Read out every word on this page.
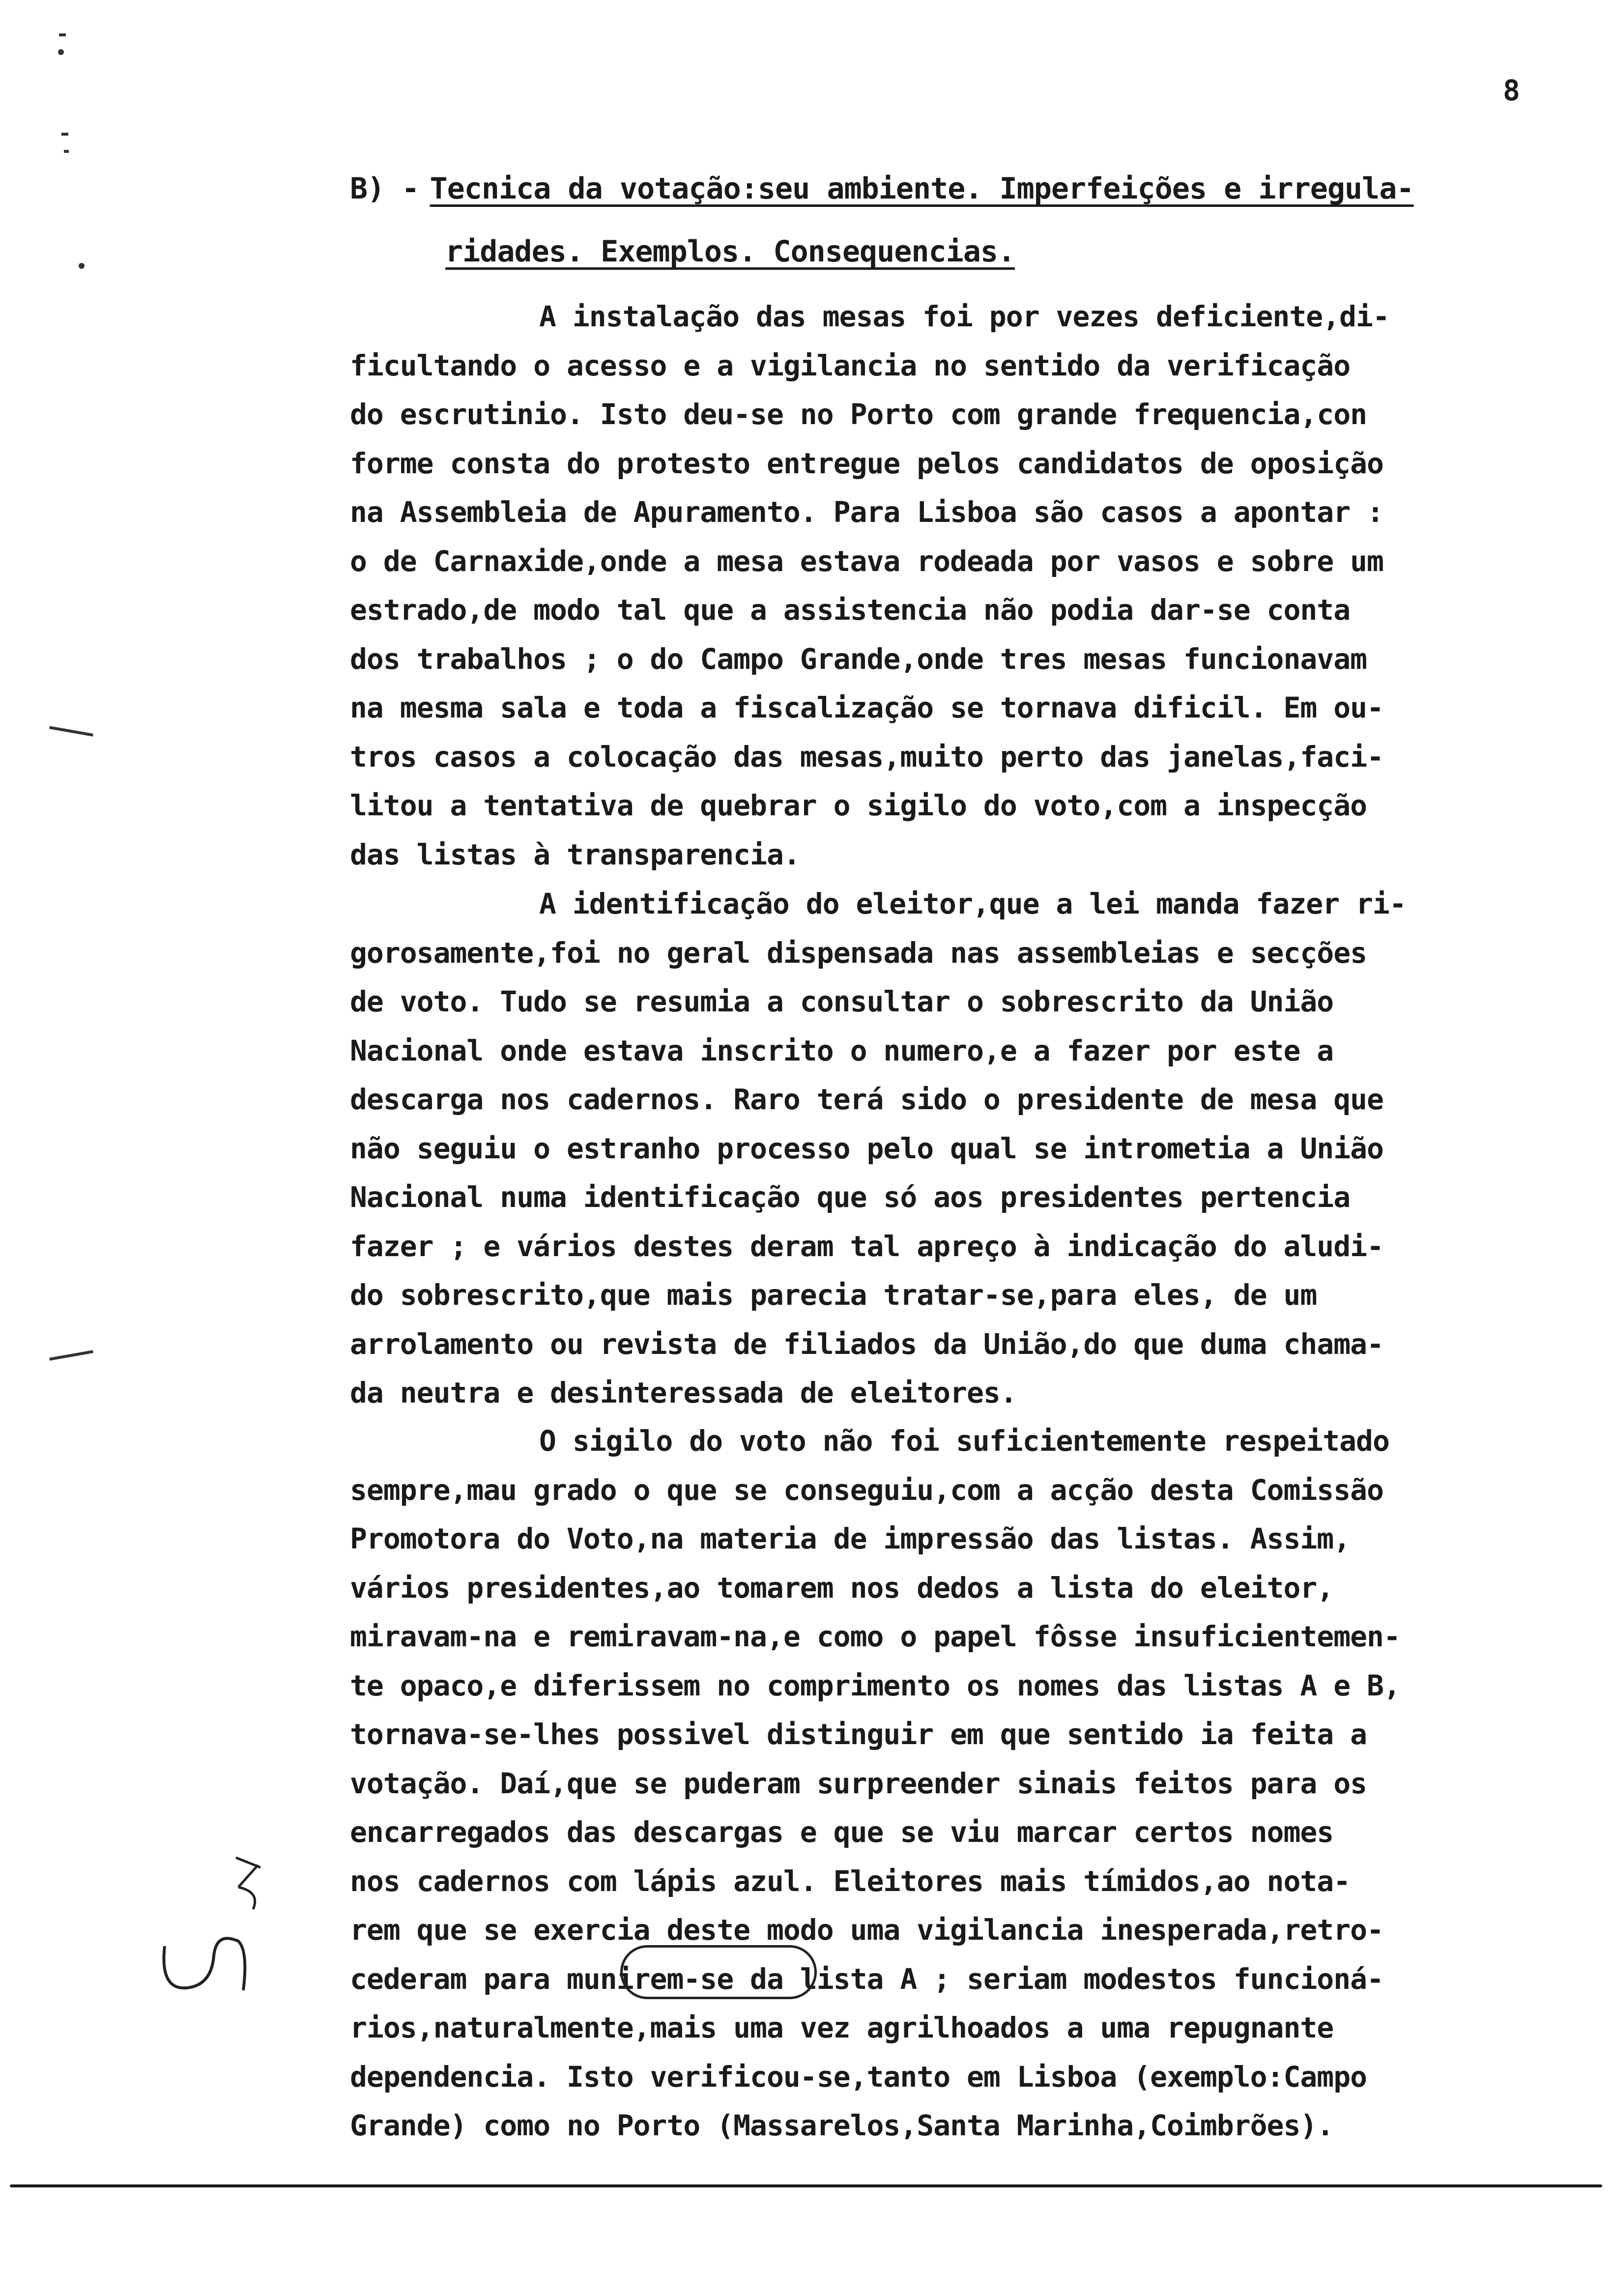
8
B) - Tecnica da votação:seu ambiente. Imperfeições e irregula-
ridades. Exemplos. Consequencias.
A instalação das mesas foi por vezes deficiente,di-
ficultando o acesso e a vigilancia no sentido da verificação
do escrutinio. Isto deu-se no Porto com grande frequencia,con
forme consta do protesto entregue pelos candidatos de oposição
na Assembleia de Apuramento. Para Lisboa são casos a apontar :
o de Carnaxide,onde a mesa estava rodeada por vasos e sobre um
estrado,de modo tal que a assistencia não podia dar-se conta
dos trabalhos ; o do Campo Grande,onde tres mesas funcionavam
na mesma sala e toda a fiscalização se tornava dificil. Em ou-
tros casos a colocação das mesas,muito perto das janelas,faci-
litou a tentativa de quebrar o sigilo do voto,com a inspecção
das listas à transparencia.
A identificação do eleitor,que a lei manda fazer ri-
gorosamente,foi no geral dispensada nas assembleias e secções
de voto. Tudo se resumia a consultar o sobrescrito da União
Nacional onde estava inscrito o numero,e a fazer por este a
descarga nos cadernos. Raro terá sido o presidente de mesa que
não seguiu o estranho processo pelo qual se intrometia a União
Nacional numa identificação que só aos presidentes pertencia
fazer ; e vários destes deram tal apreço à indicação do aludi-
do sobrescrito,que mais parecia tratar-se,para eles, de um
arrolamento ou revista de filiados da União,do que duma chama-
da neutra e desinteressada de eleitores.
O sigilo do voto não foi suficientemente respeitado
sempre,mau grado o que se conseguiu,com a acção desta Comissão
Promotora do Voto,na materia de impressão das listas. Assim,
vários presidentes,ao tomarem nos dedos a lista do eleitor,
miravam-na e remiravam-na,e como o papel fôsse insuficientemen-
te opaco,e diferissem no comprimento os nomes das listas A e B,
tornava-se-lhes possivel distinguir em que sentido ia feita a
votação. Daí,que se puderam surpreender sinais feitos para os
encarregados das descargas e que se viu marcar certos nomes
nos cadernos com lápis azul. Eleitores mais tímidos,ao nota-
rem que se exercia deste modo uma vigilancia inesperada,retro-
cederam para munirem-se da lista A ; seriam modestos funcioná-
rios,naturalmente,mais uma vez agrilhoados a uma repugnante
dependencia. Isto verificou-se,tanto em Lisboa (exemplo:Campo
Grande) como no Porto (Massarelos,Santa Marinha,Coimbrões).
